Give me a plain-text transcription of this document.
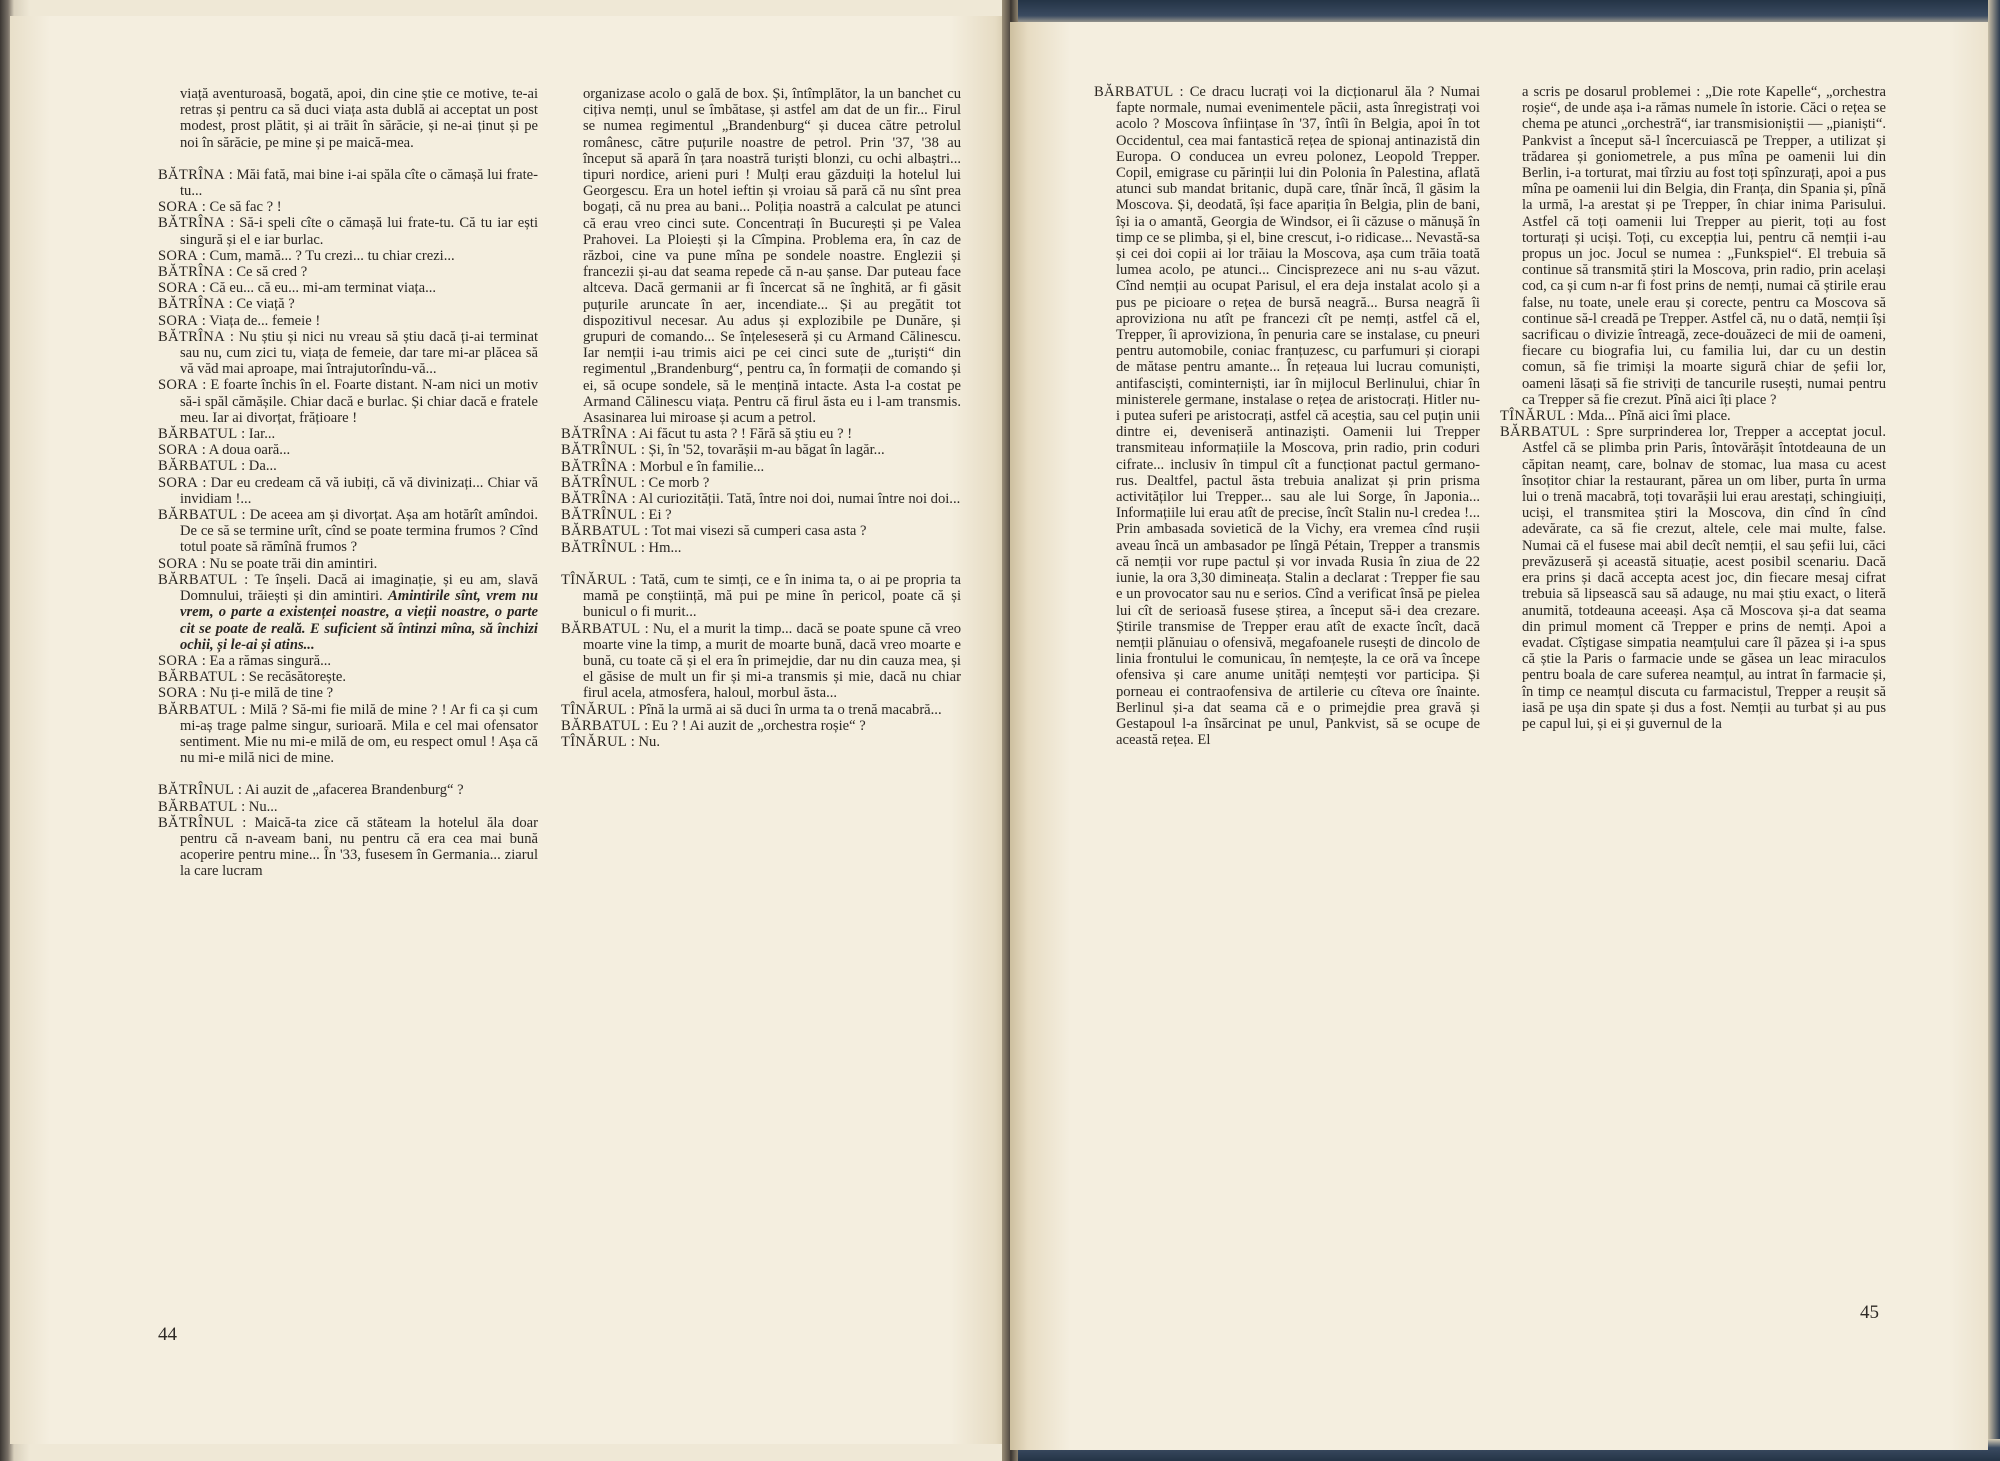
viață aventuroasă, bogată, apoi, din cine știe ce motive, te-ai retras și pentru ca să duci viața asta dublă ai acceptat un post modest, prost plătit, și ai trăit în sărăcie, și ne-ai ținut și pe noi în sărăcie, pe mine și pe maică-mea.

BĂTRÎNA : Măi fată, mai bine i-ai spăla cîte o cămașă lui frate-tu...

SORA : Ce să fac ? !

BĂTRÎNA : Să-i speli cîte o cămașă lui frate-tu. Că tu iar ești singură și el e iar burlac.

SORA : Cum, mamă... ? Tu crezi... tu chiar crezi...

BĂTRÎNA : Ce să cred ?

SORA : Că eu... că eu... mi-am terminat viața...

BĂTRÎNA : Ce viață ?

SORA : Viața de... femeie !

BĂTRÎNA : Nu știu și nici nu vreau să știu dacă ți-ai terminat sau nu, cum zici tu, viața de femeie, dar tare mi-ar plăcea să vă văd mai aproape, mai întrajutorîndu-vă...

SORA : E foarte închis în el. Foarte distant. N-am nici un motiv să-i spăl cămășile. Chiar dacă e burlac. Și chiar dacă e fratele meu. Iar ai divorțat, frățioare !

BĂRBATUL : Iar...

SORA : A doua oară...

BĂRBATUL : Da...

SORA : Dar eu credeam că vă iubiți, că vă divinizați... Chiar vă invidiam !...

BĂRBATUL : De aceea am și divorțat. Așa am hotărît amîndoi. De ce să se termine urît, cînd se poate termina frumos ? Cînd totul poate să rămînă frumos ?

SORA : Nu se poate trăi din amintiri.

BĂRBATUL : Te înșeli. Dacă ai imaginație, și eu am, slavă Domnului, trăiești și din amintiri. Amintirile sînt, vrem nu vrem, o parte a existenței noastre, a vieții noastre, o parte cit se poate de reală. E suficient să întinzi mîna, să închizi ochii, și le-ai și atins...

SORA : Ea a rămas singură...

BĂRBATUL : Se recăsătorește.

SORA : Nu ți-e milă de tine ?

BĂRBATUL : Milă ? Să-mi fie milă de mine ? ! Ar fi ca și cum mi-aș trage palme singur, surioară. Mila e cel mai ofensator sentiment. Mie nu mi-e milă de om, eu respect omul ! Așa că nu mi-e milă nici de mine.

BĂTRÎNUL : Ai auzit de „afacerea Brandenburg“ ?

BĂRBATUL : Nu...

BĂTRÎNUL : Maică-ta zice că stăteam la hotelul ăla doar pentru că n-aveam bani, nu pentru că era cea mai bună acoperire pentru mine... În '33, fusesem în Germania... ziarul la care lucram

organizase acolo o gală de box. Și, întîmplător, la un banchet cu cițiva nemți, unul se îmbătase, și astfel am dat de un fir... Firul se numea regimentul „Brandenburg“ și ducea către petrolul românesc, către puțurile noastre de petrol. Prin '37, '38 au început să apară în țara noastră turiști blonzi, cu ochi albaștri... tipuri nordice, arieni puri ! Mulți erau găzduiți la hotelul lui Georgescu. Era un hotel ieftin și vroiau să pară că nu sînt prea bogați, că nu prea au bani... Poliția noastră a calculat pe atunci că erau vreo cinci sute. Concentrați în București și pe Valea Prahovei. La Ploiești și la Cîmpina. Problema era, în caz de război, cine va pune mîna pe sondele noastre. Englezii și francezii și-au dat seama repede că n-au șanse. Dar puteau face altceva. Dacă germanii ar fi încercat să ne înghită, ar fi găsit puțurile aruncate în aer, incendiate... Și au pregătit tot dispozitivul necesar. Au adus și explozibile pe Dunăre, și grupuri de comando... Se înțeleseseră și cu Armand Călinescu. Iar nemții i-au trimis aici pe cei cinci sute de „turiști“ din regimentul „Brandenburg“, pentru ca, în formații de comando și ei, să ocupe sondele, să le mențină intacte. Asta l-a costat pe Armand Călinescu viața. Pentru că firul ăsta eu i l-am transmis. Asasinarea lui miroase și acum a petrol.

BĂTRÎNA : Ai făcut tu asta ? ! Fără să știu eu ? !

BĂTRÎNUL : Și, în '52, tovarășii m-au băgat în lagăr...

BĂTRÎNA : Morbul e în familie...

BĂTRÎNUL : Ce morb ?

BĂTRÎNA : Al curiozității. Tată, între noi doi, numai între noi doi...

BĂTRÎNUL : Ei ?

BĂRBATUL : Tot mai visezi să cumperi casa asta ?

BĂTRÎNUL : Hm...

TÎNĂRUL : Tată, cum te simți, ce e în inima ta, o ai pe propria ta mamă pe conștiință, mă pui pe mine în pericol, poate că și bunicul o fi murit...

BĂRBATUL : Nu, el a murit la timp... dacă se poate spune că vreo moarte vine la timp, a murit de moarte bună, dacă vreo moarte e bună, cu toate că și el era în primejdie, dar nu din cauza mea, și el găsise de mult un fir și mi-a transmis și mie, dacă nu chiar firul acela, atmosfera, haloul, morbul ăsta...

TÎNĂRUL : Pînă la urmă ai să duci în urma ta o trenă macabră...

BĂRBATUL : Eu ? ! Ai auzit de „orchestra roșie“ ?

TÎNĂRUL : Nu.

44

BĂRBATUL : Ce dracu lucrați voi la dicționarul ăla ? Numai fapte normale, numai evenimentele păcii, asta înregistrați voi acolo ? Moscova înființase în '37, întîi în Belgia, apoi în tot Occidentul, cea mai fantastică rețea de spionaj antinazistă din Europa. O conducea un evreu polonez, Leopold Trepper. Copil, emigrase cu părinții lui din Polonia în Palestina, aflată atunci sub mandat britanic, după care, tînăr încă, îl găsim la Moscova. Și, deodată, își face apariția în Belgia, plin de bani, își ia o amantă, Georgia de Windsor, ei îi căzuse o mănușă în timp ce se plimba, și el, bine crescut, i-o ridicase... Nevastă-sa și cei doi copii ai lor trăiau la Moscova, așa cum trăia toată lumea acolo, pe atunci... Cincisprezece ani nu s-au văzut. Cînd nemții au ocupat Parisul, el era deja instalat acolo și a pus pe picioare o rețea de bursă neagră... Bursa neagră îi aproviziona nu atît pe francezi cît pe nemți, astfel că el, Trepper, îi aproviziona, în penuria care se instalase, cu pneuri pentru automobile, coniac franțuzesc, cu parfumuri și ciorapi de mătase pentru amante... În rețeaua lui lucrau comuniști, antifasciști, cominterniști, iar în mijlocul Berlinului, chiar în ministerele germane, instalase o rețea de aristocrați. Hitler nu-i putea suferi pe aristocrați, astfel că aceștia, sau cel puțin unii dintre ei, deveniseră antinaziști. Oamenii lui Trepper transmiteau informațiile la Moscova, prin radio, prin coduri cifrate... inclusiv în timpul cît a funcționat pactul germano-rus. Dealtfel, pactul ăsta trebuia analizat și prin prisma activităților lui Trepper... sau ale lui Sorge, în Japonia... Informațiile lui erau atît de precise, încît Stalin nu-l credea !... Prin ambasada sovietică de la Vichy, era vremea cînd rușii aveau încă un ambasador pe lîngă Pétain, Trepper a transmis că nemții vor rupe pactul și vor invada Rusia în ziua de 22 iunie, la ora 3,30 dimineața. Stalin a declarat : Trepper fie sau e un provocator sau nu e serios. Cînd a verificat însă pe pielea lui cît de serioasă fusese știrea, a început să-i dea crezare. Știrile transmise de Trepper erau atît de exacte încît, dacă nemții plănuiau o ofensivă, megafoanele rusești de dincolo de linia frontului le comunicau, în nemțește, la ce oră va începe ofensiva și care anume unități nemțești vor participa. Și porneau ei contraofensiva de artilerie cu cîteva ore înainte. Berlinul și-a dat seama că e o primejdie prea gravă și Gestapoul l-a însărcinat pe unul, Pankvist, să se ocupe de această rețea. El

a scris pe dosarul problemei : „Die rote Kapelle“, „orchestra roșie“, de unde așa i-a rămas numele în istorie. Căci o rețea se chema pe atunci „orchestră“, iar transmisioniștii — „pianiști“. Pankvist a început să-l încercuiască pe Trepper, a utilizat și trădarea și goniometrele, a pus mîna pe oamenii lui din Berlin, i-a torturat, mai tîrziu au fost toți spînzurați, apoi a pus mîna pe oamenii lui din Belgia, din Franța, din Spania și, pînă la urmă, l-a arestat și pe Trepper, în chiar inima Parisului. Astfel că toți oamenii lui Trepper au pierit, toți au fost torturați și uciși. Toți, cu excepția lui, pentru că nemții i-au propus un joc. Jocul se numea : „Funkspiel“. El trebuia să continue să transmită știri la Moscova, prin radio, prin același cod, ca și cum n-ar fi fost prins de nemți, numai că știrile erau false, nu toate, unele erau și corecte, pentru ca Moscova să continue să-l creadă pe Trepper. Astfel că, nu o dată, nemții își sacrificau o divizie întreagă, zece-douăzeci de mii de oameni, fiecare cu biografia lui, cu familia lui, dar cu un destin comun, să fie trimiși la moarte sigură chiar de șefii lor, oameni lăsați să fie striviți de tancurile rusești, numai pentru ca Trepper să fie crezut. Pînă aici îți place ?

TÎNĂRUL : Mda... Pînă aici îmi place.

BĂRBATUL : Spre surprinderea lor, Trepper a acceptat jocul. Astfel că se plimba prin Paris, întovărășit întotdeauna de un căpitan neamț, care, bolnav de stomac, lua masa cu acest însoțitor chiar la restaurant, părea un om liber, purta în urma lui o trenă macabră, toți tovarășii lui erau arestați, schingiuiți, uciși, el transmitea știri la Moscova, din cînd în cînd adevărate, ca să fie crezut, altele, cele mai multe, false. Numai că el fusese mai abil decît nemții, el sau șefii lui, căci prevăzuseră și această situație, acest posibil scenariu. Dacă era prins și dacă accepta acest joc, din fiecare mesaj cifrat trebuia să lipsească sau să adauge, nu mai știu exact, o literă anumită, totdeauna aceeași. Așa că Moscova și-a dat seama din primul moment că Trepper e prins de nemți. Apoi a evadat. Cîștigase simpatia neamțului care îl păzea și i-a spus că știe la Paris o farmacie unde se găsea un leac miraculos pentru boala de care suferea neamțul, au intrat în farmacie și, în timp ce neamțul discuta cu farmacistul, Trepper a reușit să iasă pe ușa din spate și dus a fost. Nemții au turbat și au pus pe capul lui, și ei și guvernul de la

45
